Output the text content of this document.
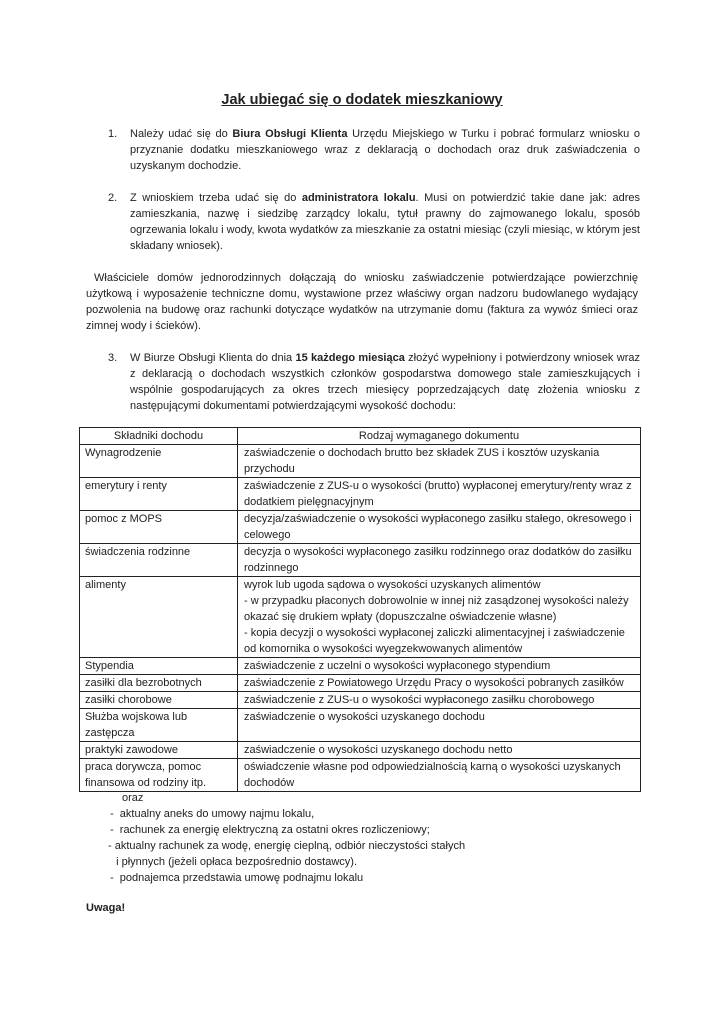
Jak ubiegać się o dodatek mieszkaniowy
1. Należy udać się do Biura Obsługi Klienta Urzędu Miejskiego w Turku i pobrać formularz wniosku o przyznanie dodatku mieszkaniowego wraz z deklaracją o dochodach oraz druk zaświadczenia o uzyskanym dochodzie.
2. Z wnioskiem trzeba udać się do administratora lokalu. Musi on potwierdzić takie dane jak: adres zamieszkania, nazwę i siedzibę zarządcy lokalu, tytuł prawny do zajmowanego lokalu, sposób ogrzewania lokalu i wody, kwota wydatków za mieszkanie za ostatni miesiąc (czyli miesiąc, w którym jest składany wniosek).
Właściciele domów jednorodzinnych dołączają do wniosku zaświadczenie potwierdzające powierzchnię użytkową i wyposażenie techniczne domu, wystawione przez właściwy organ nadzoru budowlanego wydający pozwolenia na budowę oraz rachunki dotyczące wydatków na utrzymanie domu (faktura za wywóz śmieci oraz zimnej wody i ścieków).
3. W Biurze Obsługi Klienta do dnia 15 każdego miesiąca złożyć wypełniony i potwierdzony wniosek wraz z deklaracją o dochodach wszystkich członków gospodarstwa domowego stale zamieszkujących i wspólnie gospodarujących za okres trzech miesięcy poprzedzających datę złożenia wniosku z następującymi dokumentami potwierdzającymi wysokość dochodu:
Składniki dochodu	Rodzaj wymaganego dokumentu
Wynagrodzenie	zaświadczenie o dochodach brutto bez składek ZUS i kosztów uzyskania przychodu
emerytury i renty	zaświadczenie z ZUS-u o wysokości (brutto) wypłaconej emerytury/renty wraz z dodatkiem pielęgnacyjnym
pomoc z MOPS	decyzja/zaświadczenie o wysokości wypłaconego zasiłku stałego, okresowego i celowego
świadczenia rodzinne	decyzja o wysokości wypłaconego zasiłku rodzinnego oraz dodatków do zasiłku rodzinnego
alimenty	wyrok lub ugoda sądowa o wysokości uzyskanych alimentów
- w przypadku płaconych dobrowolnie w innej niż zasądzonej wysokości należy okazać się drukiem wpłaty (dopuszczalne oświadczenie własne)
- kopia decyzji o wysokości wypłaconej zaliczki alimentacyjnej i zaświadczenie od komornika o wysokości wyegzekwowanych alimentów
Stypendia	zaświadczenie z uczelni o wysokości wypłaconego stypendium
zasiłki dla bezrobotnych	zaświadczenie z Powiatowego Urzędu Pracy o wysokości pobranych zasiłków
zasiłki chorobowe	zaświadczenie z ZUS-u o wysokości wypłaconego zasiłku chorobowego
Służba wojskowa lub zastępcza	zaświadczenie o wysokości uzyskanego dochodu
praktyki zawodowe	zaświadczenie o wysokości uzyskanego dochodu netto
praca dorywcza, pomoc finansowa od rodziny itp.	oświadczenie własne pod odpowiedzialnością karną o wysokości uzyskanych dochodów
oraz
-  aktualny aneks do umowy najmu lokalu,
-  rachunek za energię elektryczną za ostatni okres rozliczeniowy;
- aktualny rachunek za wodę, energię cieplną, odbiór nieczystości stałych
i płynnych (jeżeli opłaca bezpośrednio dostawcy).
-  podnajemca przedstawia umowę podnajmu lokalu
Uwaga!
